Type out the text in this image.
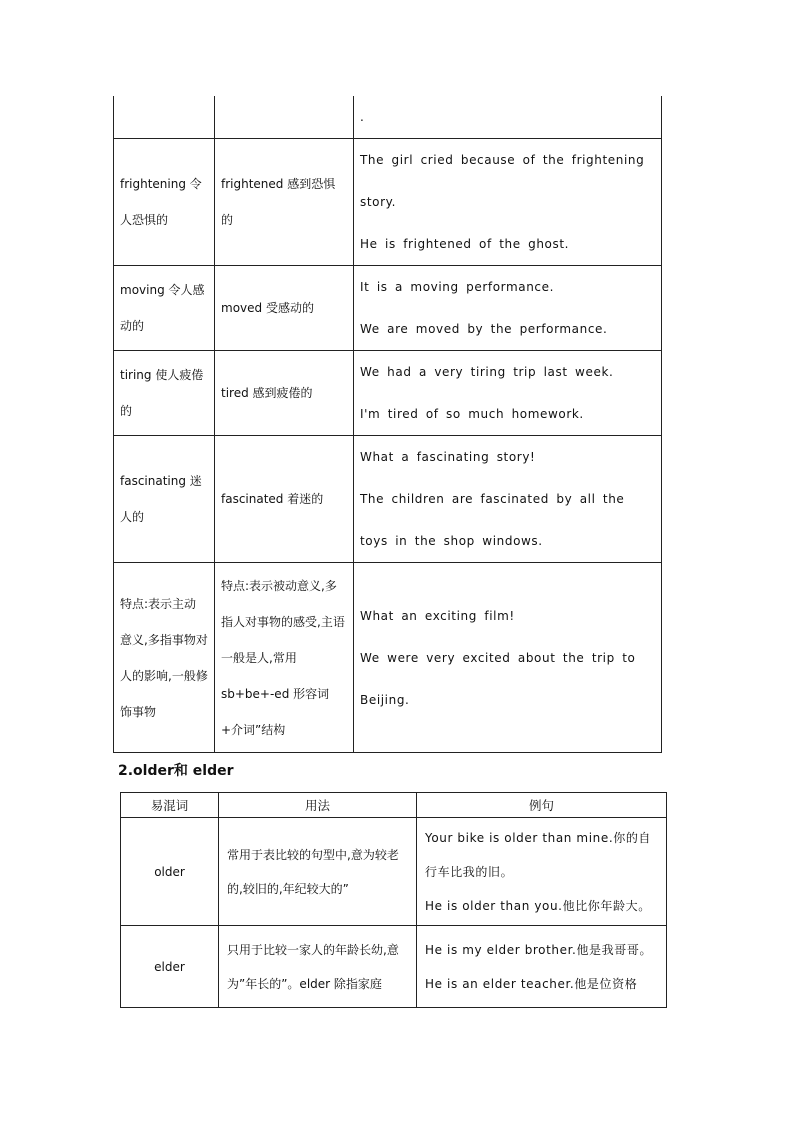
		.

frightening 令人恐惧的	frightened 感到恐惧的	The girl cried because of the frightening story.
He is frightened of the ghost.

moving 令人感动的	moved 受感动的	It is a moving performance.
We are moved by the performance.

tiring 使人疲倦的	tired 感到疲倦的	We had a very tiring trip last week.
I'm tired of so much homework.

fascinating 迷人的	fascinated 着迷的	What a fascinating story!
The children are fascinated by all the toys in the shop windows.

特点:表示主动意义,多指事物对人的影响,一般修饰事物	特点:表示被动意义,多指人对事物的感受,主语一般是人,常用sb+be+-ed 形容词+介词”结构	What an exciting film!
We were very excited about the trip to Beijing.
2.older和 elder
易混词	用法	例句
older	常用于表比较的句型中,意为较老的,较旧的,年纪较大的”	Your bike is older than mine.你的自行车比我的旧。
He is older than you.他比你年龄大。

elder	只用于比较一家人的年龄长幼,意为”年长的”。elder 除指家庭	He is my elder brother.他是我哥哥。
He is an elder teacher.他是位资格
